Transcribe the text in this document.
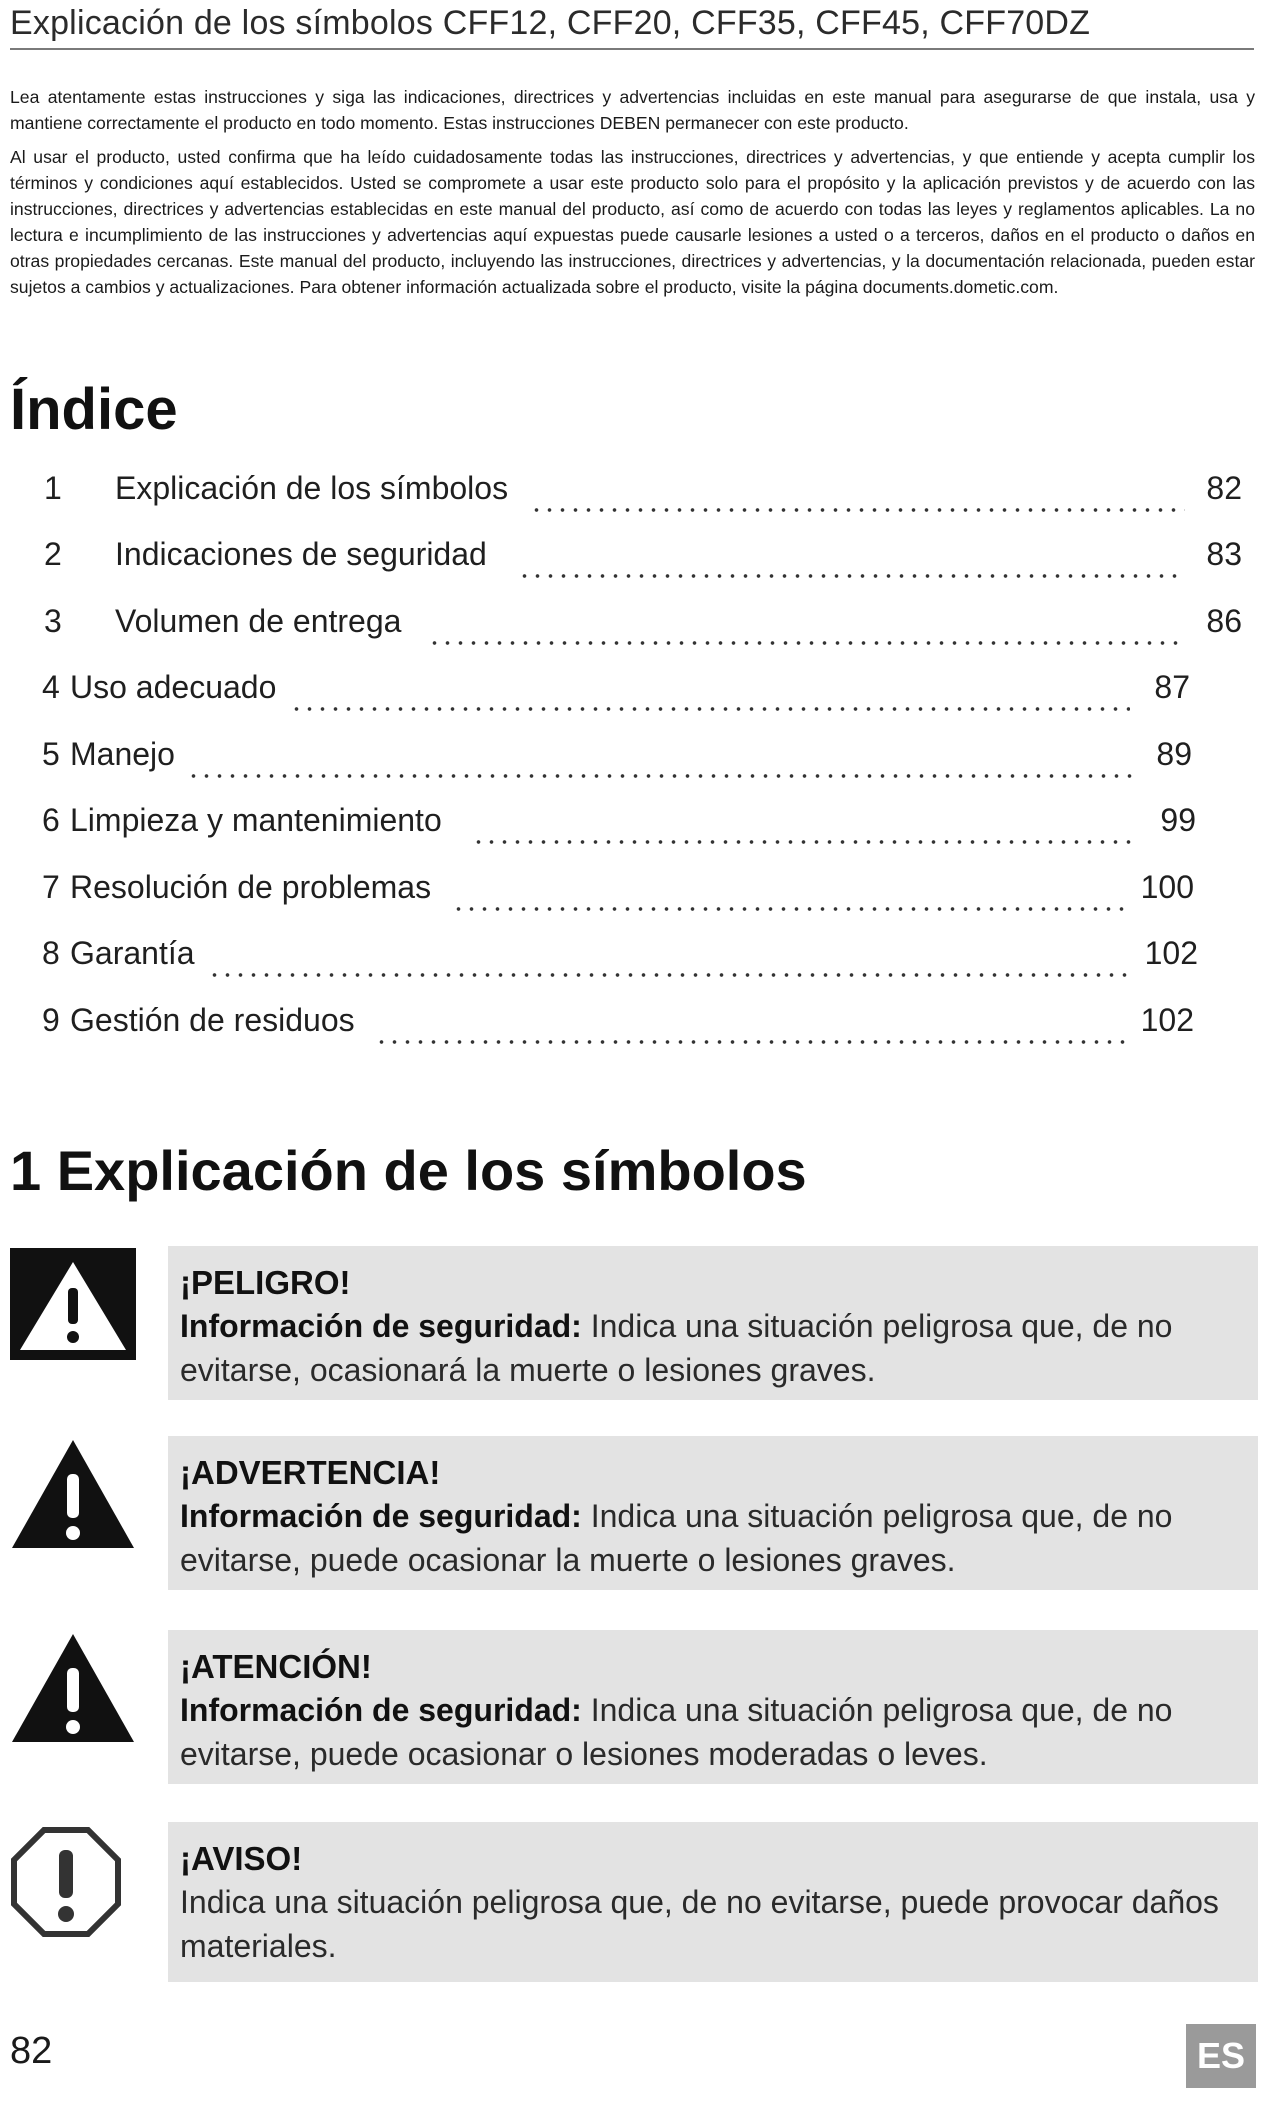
Explicación de los símbolos CFF12, CFF20, CFF35, CFF45, CFF70DZ

Lea atentamente estas instrucciones y siga las indicaciones, directrices y advertencias incluidas en este manual para asegurarse de que instala, usa y mantiene correctamente el producto en todo momento. Estas instrucciones DEBEN permanecer con este producto.

Al usar el producto, usted confirma que ha leído cuidadosamente todas las instrucciones, directrices y advertencias, y que entiende y acepta cumplir los términos y condiciones aquí establecidos. Usted se compromete a usar este producto solo para el propósito y la aplicación previstos y de acuerdo con las instrucciones, directrices y advertencias establecidas en este manual del producto, así como de acuerdo con todas las leyes y reglamentos aplicables. La no lectura e incumplimiento de las instrucciones y advertencias aquí expuestas puede causarle lesiones a usted o a terceros, daños en el producto o daños en otras propiedades cercanas. Este manual del producto, incluyendo las instrucciones, directrices y advertencias, y la documentación relacionada, pueden estar sujetos a cambios y actualizaciones. Para obtener información actualizada sobre el producto, visite la página documents.dometic.com.

Índice
1 Explicación de los símbolos	82
2 Indicaciones de seguridad	83
3 Volumen de entrega	86
4 Uso adecuado	87
5 Manejo	89
6 Limpieza y mantenimiento	99
7 Resolución de problemas	100
8 Garantía	102
9 Gestión de residuos	102
1 Explicación de los símbolos
¡PELIGRO!
Información de seguridad: Indica una situación peligrosa que, de no evitarse, ocasionará la muerte o lesiones graves.
¡ADVERTENCIA!
Información de seguridad: Indica una situación peligrosa que, de no evitarse, puede ocasionar la muerte o lesiones graves.
¡ATENCIÓN!
Información de seguridad: Indica una situación peligrosa que, de no evitarse, puede ocasionar o lesiones moderadas o leves.
¡AVISO!
Indica una situación peligrosa que, de no evitarse, puede provocar daños materiales.
82	ES
